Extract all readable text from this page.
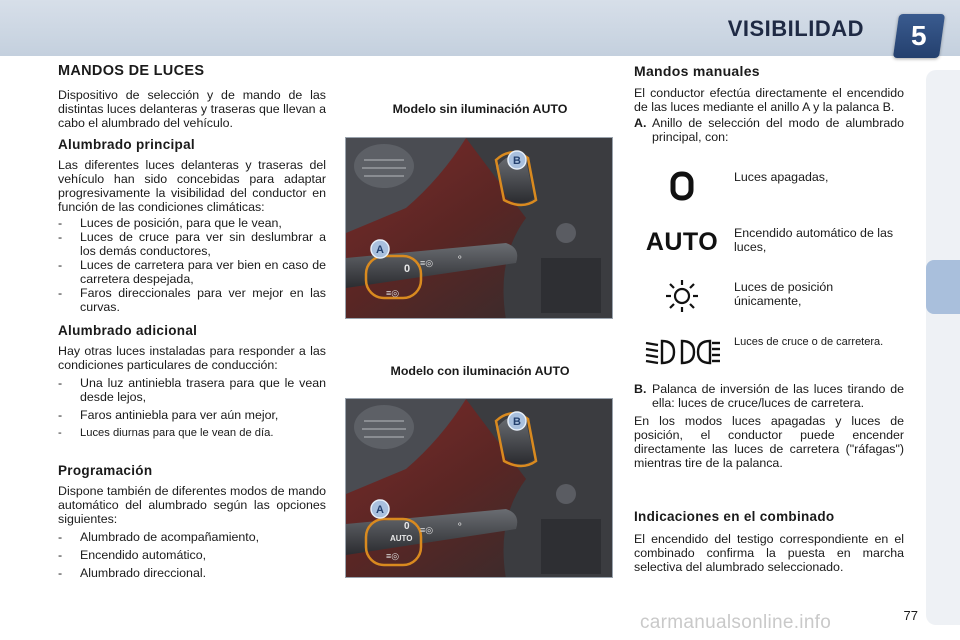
VISIBILIDAD	5
MANDOS DE LUCES

Dispositivo de selección y de mando de las distintas luces delanteras y traseras que llevan a cabo el alumbrado del vehículo.

Alumbrado principal

Las diferentes luces delanteras y traseras del vehículo han sido concebidas para adaptar progresivamente la visibilidad del conductor en función de las condiciones climáticas:

- Luces de posición, para que le vean,
- Luces de cruce para ver sin deslumbrar a los demás conductores,
- Luces de carretera para ver bien en caso de carretera despejada,
- Faros direccionales para ver mejor en las curvas.
Alumbrado adicional

Hay otras luces instaladas para responder a las condiciones particulares de conducción:

- Una luz antiniebla trasera para que le vean desde lejos,
- Faros antiniebla para ver aún mejor,
- Luces diurnas para que le vean de día.
Programación

Dispone también de diferentes modos de mando automático del alumbrado según las opciones siguientes:

- Alumbrado de acompañamiento,
- Encendido automático,
- Alumbrado direccional.
Modelo sin iluminación AUTO
0 ≡◎
≡◎
⚬
A
B
Modelo con iluminación AUTO
0
AUTO
≡◎
≡◎
⚬
A
B
Mandos manuales

El conductor efectúa directamente el encendido de las luces mediante el anillo A y la palanca B.

A. Anillo de selección del modo de alumbrado principal, con:

Luces apagadas,
AUTO Encendido automático de las luces,
Luces de posición únicamente,
Luces de cruce o de carretera.

B. Palanca de inversión de las luces tirando de ella: luces de cruce/luces de carretera.

En los modos luces apagadas y luces de posición, el conductor puede encender directamente las luces de carretera ("ráfagas") mientras tire de la palanca.

Indicaciones en el combinado

El encendido del testigo correspondiente en el combinado confirma la puesta en marcha selectiva del alumbrado seleccionado.

77
carmanualsonline.info
